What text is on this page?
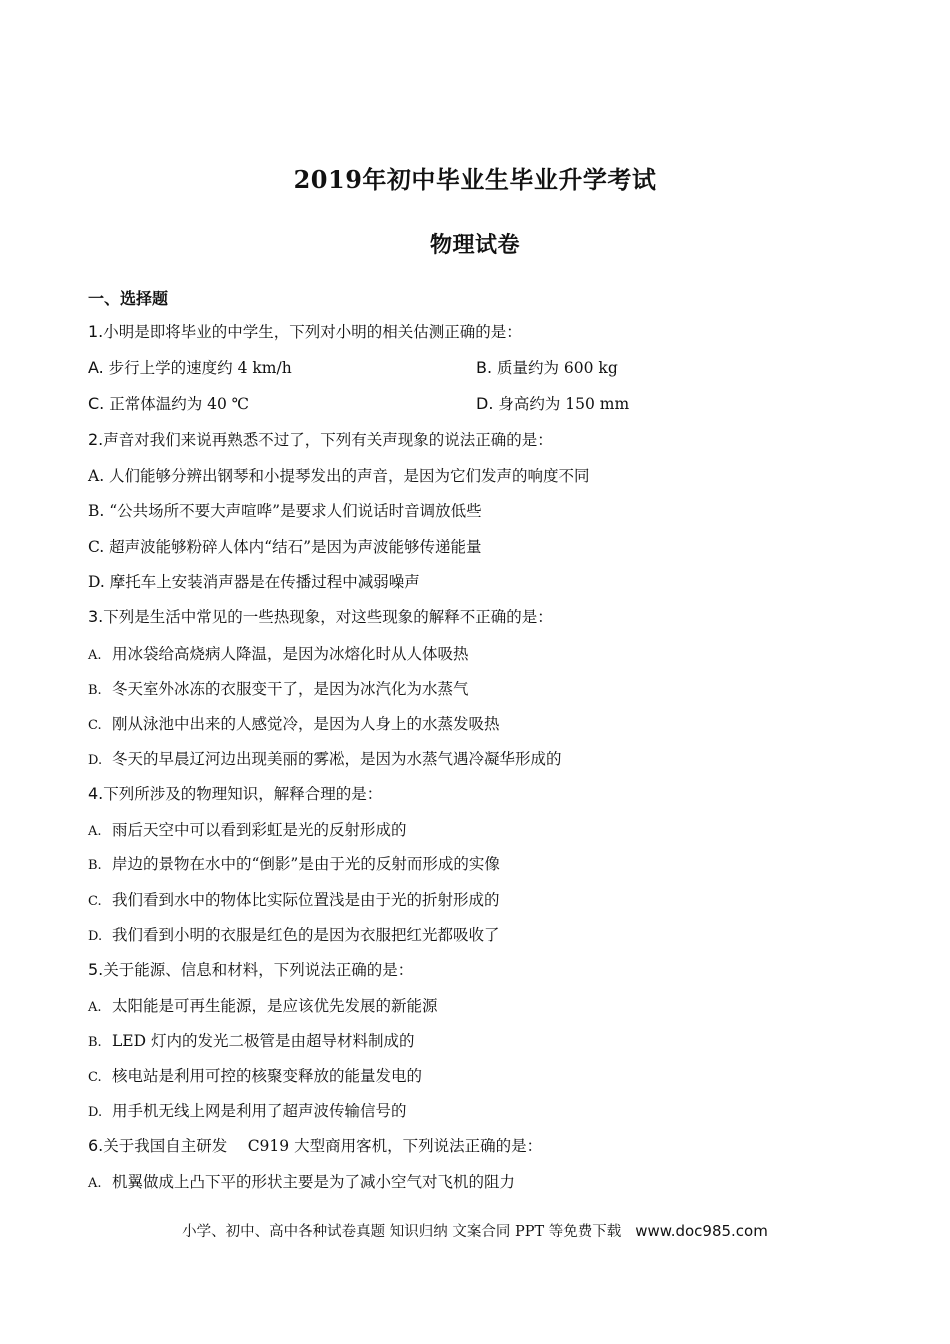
2019年初中毕业生毕业升学考试
物理试卷
一、选择题
1.小明是即将毕业的中学生，下列对小明的相关估测正确的是：
A. 步行上学的速度约 4 km/h	B. 质量约为 600 kg
C. 正常体温约为 40 ℃	D. 身高约为 150 mm
2.声音对我们来说再熟悉不过了，下列有关声现象的说法正确的是：
A. 人们能够分辨出钢琴和小提琴发出的声音，是因为它们发声的响度不同
B. “公共场所不要大声喧哗”是要求人们说话时音调放低些
C. 超声波能够粉碎人体内“结石”是因为声波能够传递能量
D. 摩托车上安装消声器是在传播过程中减弱噪声
3.下列是生活中常见的一些热现象，对这些现象的解释不正确的是：
A. 用冰袋给高烧病人降温，是因为冰熔化时从人体吸热
B. 冬天室外冰冻的衣服变干了，是因为冰汽化为水蒸气
C. 刚从泳池中出来的人感觉冷，是因为人身上的水蒸发吸热
D. 冬天的早晨辽河边出现美丽的雾凇，是因为水蒸气遇冷凝华形成的
4.下列所涉及的物理知识，解释合理的是：
A. 雨后天空中可以看到彩虹是光的反射形成的
B. 岸边的景物在水中的“倒影”是由于光的反射而形成的实像
C. 我们看到水中的物体比实际位置浅是由于光的折射形成的
D. 我们看到小明的衣服是红色的是因为衣服把红光都吸收了
5.关于能源、信息和材料，下列说法正确的是：
A. 太阳能是可再生能源，是应该优先发展的新能源
B. LED 灯内的发光二极管是由超导材料制成的
C. 核电站是利用可控的核聚变释放的能量发电的
D. 用手机无线上网是利用了超声波传输信号的
6.关于我国自主研发　 C919 大型商用客机，下列说法正确的是：
A. 机翼做成上凸下平的形状主要是为了减小空气对飞机的阻力
小学、初中、高中各种试卷真题 知识归纳 文案合同 PPT 等免费下载 www.doc985.com
